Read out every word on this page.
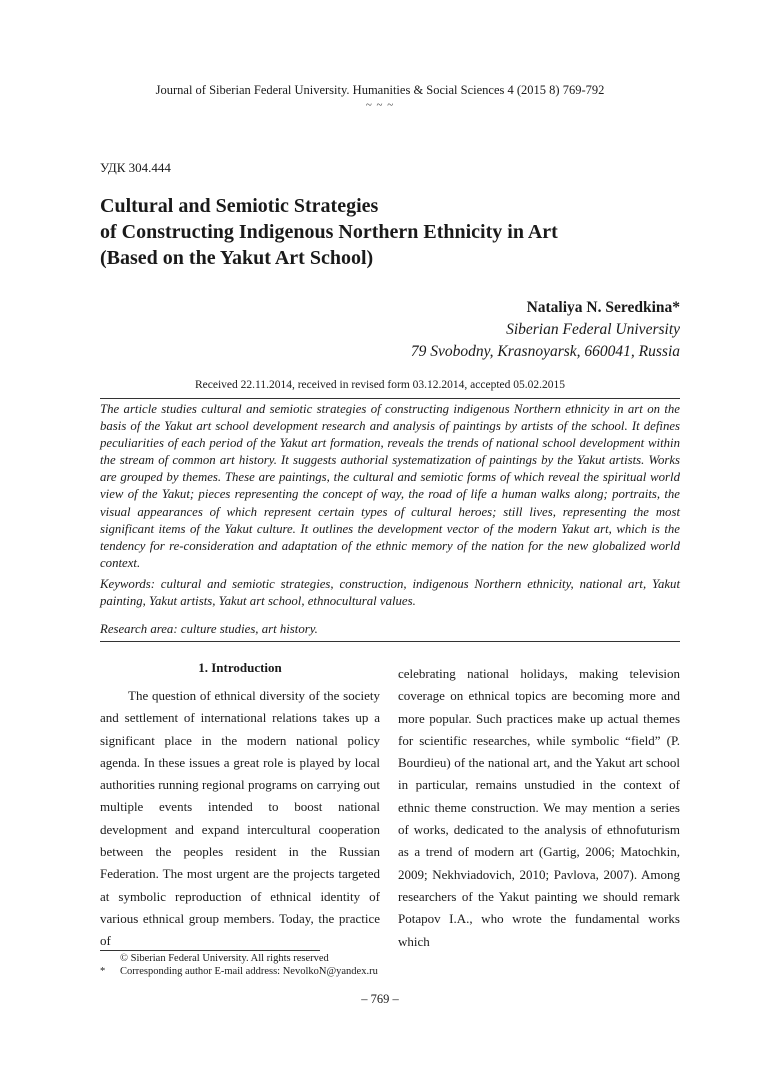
Journal of Siberian Federal University. Humanities & Social Sciences 4 (2015 8) 769-792
~ ~ ~
УДК 304.444
Cultural and Semiotic Strategies
of Constructing Indigenous Northern Ethnicity in Art
(Based on the Yakut Art School)
Nataliya N. Seredkina*
Siberian Federal University
79 Svobodny, Krasnoyarsk, 660041, Russia
Received 22.11.2014, received in revised form 03.12.2014, accepted 05.02.2015

The article studies cultural and semiotic strategies of constructing indigenous Northern ethnicity in art on the basis of the Yakut art school development research and analysis of paintings by artists of the school. It defines peculiarities of each period of the Yakut art formation, reveals the trends of national school development within the stream of common art history. It suggests authorial systematization of paintings by the Yakut artists. Works are grouped by themes. These are paintings, the cultural and semiotic forms of which reveal the spiritual world view of the Yakut; pieces representing the concept of way, the road of life a human walks along; portraits, the visual appearances of which represent certain types of cultural heroes; still lives, representing the most significant items of the Yakut culture. It outlines the development vector of the modern Yakut art, which is the tendency for re-consideration and adaptation of the ethnic memory of the nation for the new globalized world context.

Keywords: cultural and semiotic strategies, construction, indigenous Northern ethnicity, national art, Yakut painting, Yakut artists, Yakut art school, ethnocultural values.

Research area: culture studies, art history.

1. Introduction

The question of ethnical diversity of the society and settlement of international relations takes up a significant place in the modern national policy agenda. In these issues a great role is played by local authorities running regional programs on carrying out multiple events intended to boost national development and expand intercultural cooperation between the peoples resident in the Russian Federation. The most urgent are the projects targeted at symbolic reproduction of ethnical identity of various ethnical group members. Today, the practice of

celebrating national holidays, making television coverage on ethnical topics are becoming more and more popular. Such practices make up actual themes for scientific researches, while symbolic “field” (P. Bourdieu) of the national art, and the Yakut art school in particular, remains unstudied in the context of ethnic theme construction. We may mention a series of works, dedicated to the analysis of ethnofuturism as a trend of modern art (Gartig, 2006; Matochkin, 2009; Nekhviadovich, 2010; Pavlova, 2007). Among researchers of the Yakut painting we should remark Potapov I.A., who wrote the fundamental works which

© Siberian Federal University. All rights reserved
* Corresponding author E-mail address: NevolkoN@yandex.ru
– 769 –
